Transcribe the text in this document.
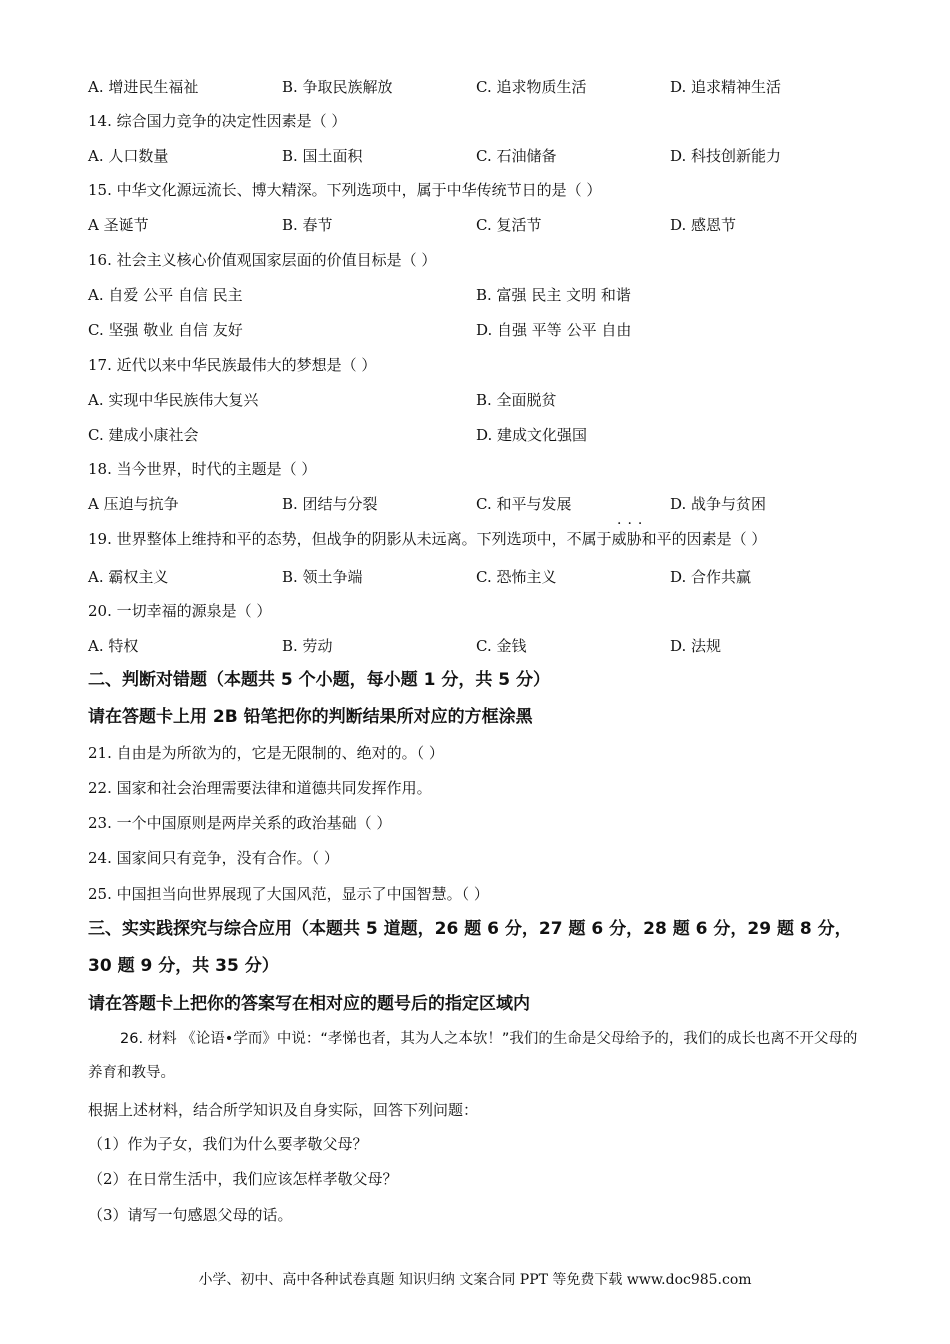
A. 增进民生福祉	B. 争取民族解放	C. 追求物质生活	D. 追求精神生活
14. 综合国力竞争的决定性因素是（ ）
A. 人口数量	B. 国土面积	C. 石油储备	D. 科技创新能力
15. 中华文化源远流长、博大精深。下列选项中，属于中华传统节日的是（ ）
A 圣诞节	B. 春节	C. 复活节	D. 感恩节
16. 社会主义核心价值观国家层面的价值目标是（ ）
A. 自爱 公平 自信 民主	B. 富强 民主 文明 和谐
C. 坚强 敬业 自信 友好	D. 自强 平等 公平 自由
17. 近代以来中华民族最伟大的梦想是（ ）
A. 实现中华民族伟大复兴	B. 全面脱贫
C. 建成小康社会	D. 建成文化强国
18. 当今世界，时代的主题是（ ）
A 压迫与抗争	B. 团结与分裂	C. 和平与发展	D. 战争与贫困
···
19. 世界整体上维持和平的态势，但战争的阴影从未远离。下列选项中，不属于威胁和平的因素是（ ）
A. 霸权主义	B. 领土争端	C. 恐怖主义	D. 合作共赢
20. 一切幸福的源泉是（ ）
A. 特权	B. 劳动	C. 金钱	D. 法规
二、判断对错题（本题共 5 个小题，每小题 1 分，共 5 分）
请在答题卡上用 2B 铅笔把你的判断结果所对应的方框涂黑
21. 自由是为所欲为的，它是无限制的、绝对的。（ ）
22. 国家和社会治理需要法律和道德共同发挥作用。
23. 一个中国原则是两岸关系的政治基础（ ）
24. 国家间只有竞争，没有合作。（ ）
25. 中国担当向世界展现了大国风范，显示了中国智慧。（ ）
三、实实践探究与综合应用（本题共 5 道题，26 题 6 分，27 题 6 分，28 题 6 分，29 题 8 分，
30 题 9 分，共 35 分）
请在答题卡上把你的答案写在相对应的题号后的指定区域内
26. 材料 《论语•学而》中说：“孝悌也者，其为人之本欤！”我们的生命是父母给予的，我们的成长也离不开父母的养育和教导。
根据上述材料，结合所学知识及自身实际，回答下列问题：
（1）作为子女，我们为什么要孝敬父母？
（2）在日常生活中，我们应该怎样孝敬父母？
（3）请写一句感恩父母的话。
小学、初中、高中各种试卷真题 知识归纳 文案合同 PPT 等免费下载 www.doc985.com
